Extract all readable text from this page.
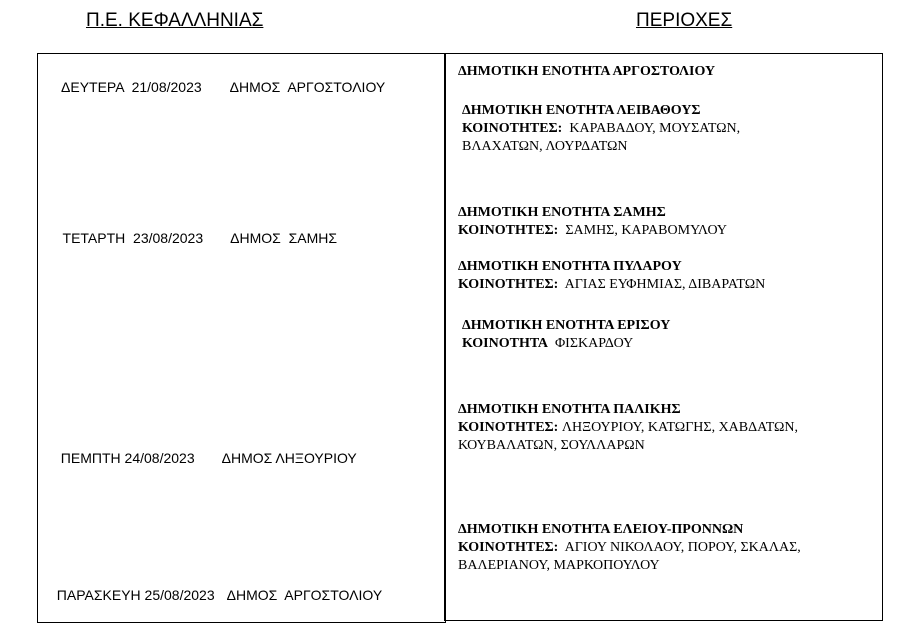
Π.Ε. ΚΕΦΑΛΛΗΝΙΑΣ	ΠΕΡΙΟΧΕΣ

ΔΕΥΤΕΡΑ  21/08/2023 ΔΗΜΟΣ  ΑΡΓΟΣΤΟΛΙΟΥ

ΤΕΤΑΡΤΗ  23/08/2023 ΔΗΜΟΣ  ΣΑΜΗΣ

ΠΕΜΠΤΗ 24/08/2023 ΔΗΜΟΣ ΛΗΞΟΥΡΙΟΥ

ΠΑΡΑΣΚΕΥΗ 25/08/2023 ΔΗΜΟΣ  ΑΡΓΟΣΤΟΛΙΟΥ

ΔΗΜΟΤΙΚΗ ΕΝΟΤΗΤΑ ΑΡΓΟΣΤΟΛΙΟΥ
ΔΗΜΟΤΙΚΗ ΕΝΟΤΗΤΑ ΛΕΙΒΑΘΟΥΣ
ΚΟΙΝΟΤΗΤΕΣ: ΚΑΡΑΒΑΔΟΥ, ΜΟΥΣΑΤΩΝ,
ΒΛΑΧΑΤΩΝ, ΛΟΥΡΔΑΤΩΝ
ΔΗΜΟΤΙΚΗ ΕΝΟΤΗΤΑ ΣΑΜΗΣ
ΚΟΙΝΟΤΗΤΕΣ: ΣΑΜΗΣ, ΚΑΡΑΒΟΜΥΛΟΥ
ΔΗΜΟΤΙΚΗ ΕΝΟΤΗΤΑ ΠΥΛΑΡΟΥ
ΚΟΙΝΟΤΗΤΕΣ: ΑΓΙΑΣ ΕΥΦΗΜΙΑΣ, ΔΙΒΑΡΑΤΩΝ
ΔΗΜΟΤΙΚΗ ΕΝΟΤΗΤΑ ΕΡΙΣΟΥ
ΚΟΙΝΟΤΗΤΑ ΦΙΣΚΑΡΔΟΥ
ΔΗΜΟΤΙΚΗ ΕΝΟΤΗΤΑ ΠΑΛΙΚΗΣ
ΚΟΙΝΟΤΗΤΕΣ: ΛΗΞΟΥΡΙΟΥ, ΚΑΤΩΓΗΣ, ΧΑΒΔΑΤΩΝ,
ΚΟΥΒΑΛΑΤΩΝ, ΣΟΥΛΛΑΡΩΝ
ΔΗΜΟΤΙΚΗ ΕΝΟΤΗΤΑ ΕΛΕΙΟΥ-ΠΡΟΝΝΩΝ
ΚΟΙΝΟΤΗΤΕΣ: ΑΓΙΟΥ ΝΙΚΟΛΑΟΥ, ΠΟΡΟΥ, ΣΚΑΛΑΣ,
ΒΑΛΕΡΙΑΝΟΥ, ΜΑΡΚΟΠΟΥΛΟΥ
